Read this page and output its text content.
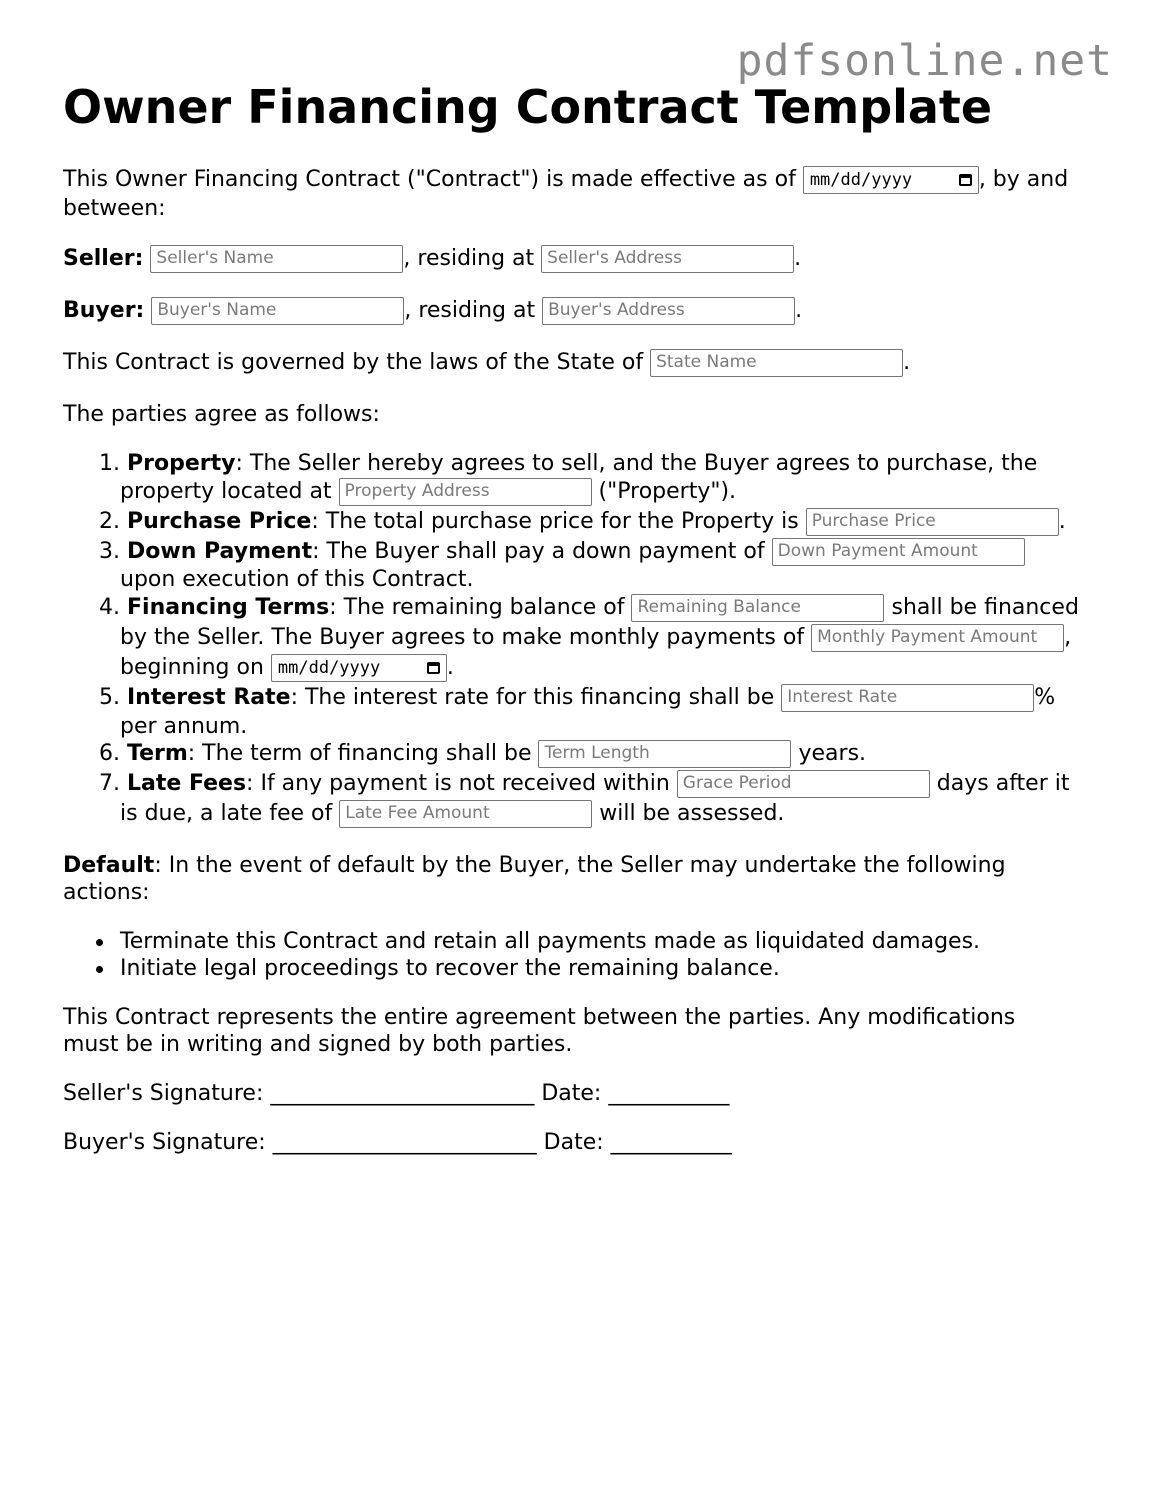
pdfsonline.net
Owner Financing Contract Template
This Owner Financing Contract ("Contract") is made effective as of mm/dd/yyyy	, by and
between:
Seller: Seller's Name	, residing at Seller's Address	.
Buyer: Buyer's Name	, residing at Buyer's Address	.
This Contract is governed by the laws of the State of State Name	.
The parties agree as follows:
1. Property: The Seller hereby agrees to sell, and the Buyer agrees to purchase, the
property located at Property Address	("Property").
2. Purchase Price: The total purchase price for the Property is Purchase Price	.
3. Down Payment: The Buyer shall pay a down payment of Down Payment Amount
upon execution of this Contract.
4. Financing Terms: The remaining balance of Remaining Balance	shall be financed
by the Seller. The Buyer agrees to make monthly payments of Monthly Payment Amount ,
beginning on mm/dd/yyyy	.
5. Interest Rate: The interest rate for this financing shall be Interest Rate	%
per annum.
6. Term: The term of financing shall be Term Length	years.
7. Late Fees: If any payment is not received within Grace Period	days after it
is due, a late fee of Late Fee Amount	will be assessed.
Default: In the event of default by the Buyer, the Seller may undertake the following
actions:
Terminate this Contract and retain all payments made as liquidated damages.
Initiate legal proceedings to recover the remaining balance.
This Contract represents the entire agreement between the parties. Any modifications
must be in writing and signed by both parties.
Seller's Signature: ________________________ Date: ___________
Buyer's Signature: ________________________ Date: ___________
